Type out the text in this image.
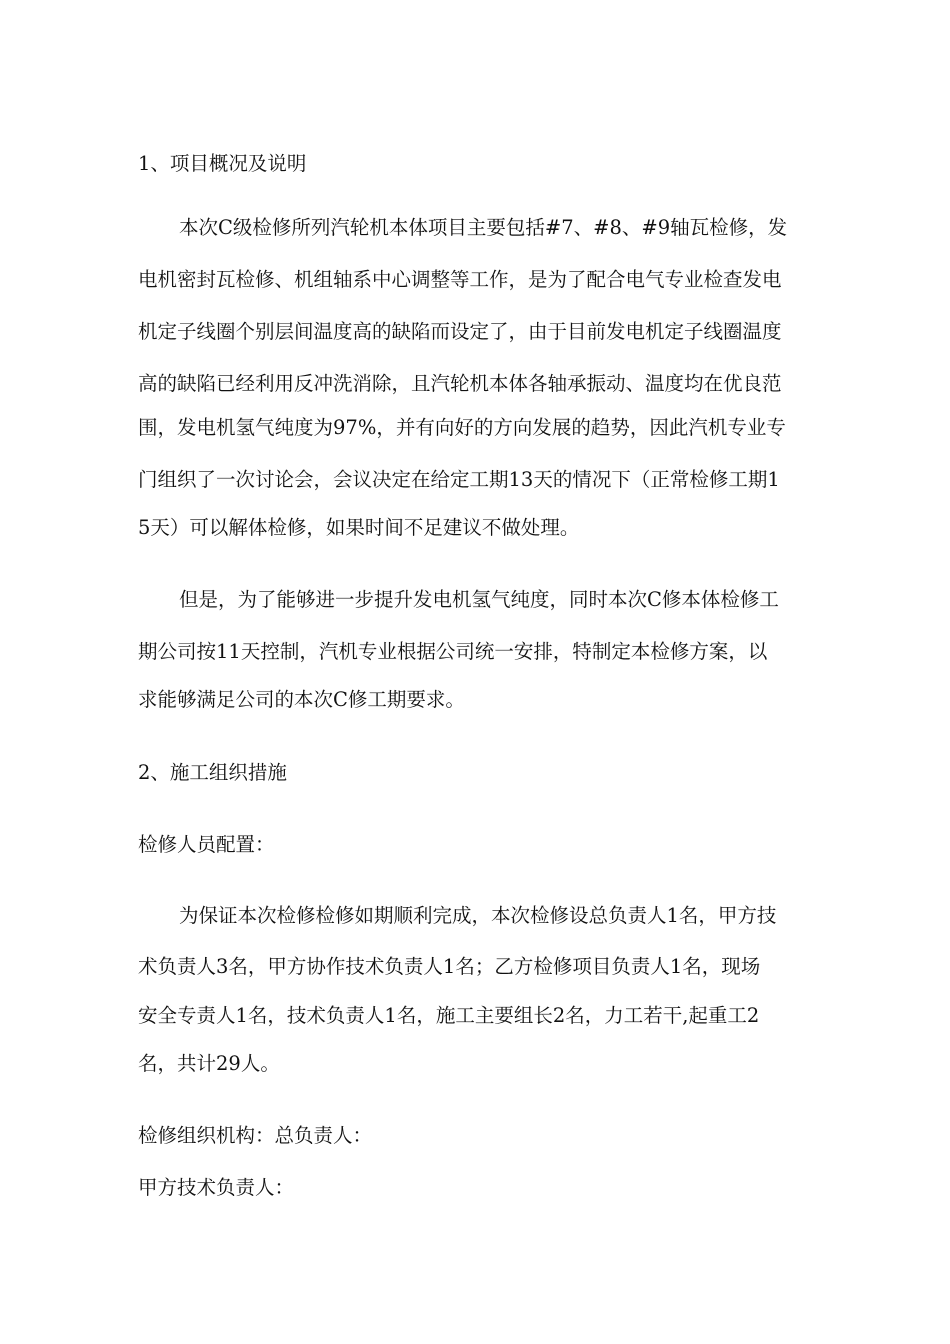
1、项目概况及说明
本次C级检修所列汽轮机本体项目主要包括#7、#8、#9轴瓦检修，发
电机密封瓦检修、机组轴系中心调整等工作，是为了配合电气专业检查发电
机定子线圈个别层间温度高的缺陷而设定了，由于目前发电机定子线圈温度
高的缺陷已经利用反冲洗消除，且汽轮机本体各轴承振动、温度均在优良范
围，发电机氢气纯度为97%，并有向好的方向发展的趋势，因此汽机专业专
门组织了一次讨论会，会议决定在给定工期13天的情况下（正常检修工期1
5天）可以解体检修，如果时间不足建议不做处理。
但是，为了能够进一步提升发电机氢气纯度，同时本次C修本体检修工
期公司按11天控制，汽机专业根据公司统一安排，特制定本检修方案，以
求能够满足公司的本次C修工期要求。
2、施工组织措施
检修人员配置：
为保证本次检修检修如期顺利完成，本次检修设总负责人1名，甲方技
术负责人3名，甲方协作技术负责人1名；乙方检修项目负责人1名，现场
安全专责人1名，技术负责人1名，施工主要组长2名，力工若干,起重工2
名，共计29人。
检修组织机构：总负责人：
甲方技术负责人：
